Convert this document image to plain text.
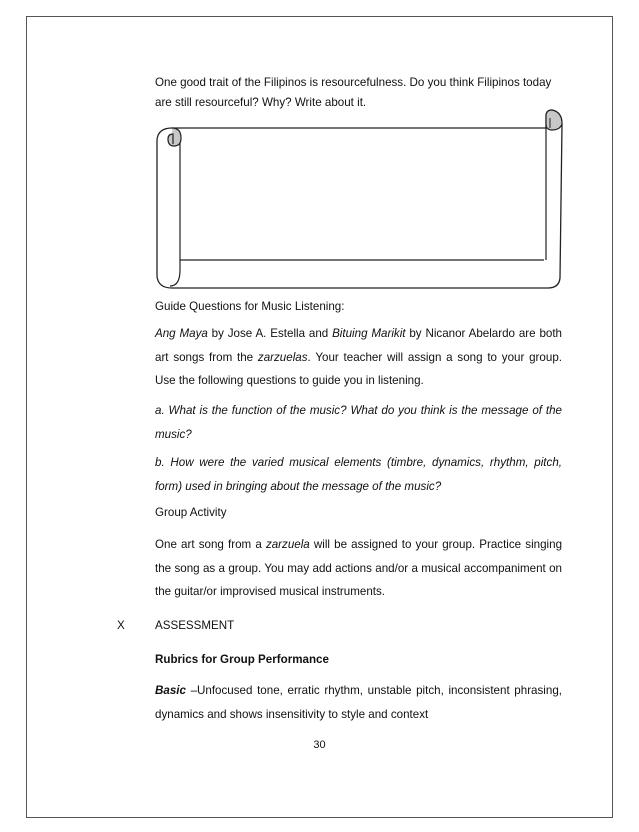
One good trait of the Filipinos is resourcefulness. Do you think Filipinos today
are still resourceful? Why? Write about it.
Guide Questions for Music Listening:
Ang Maya by Jose A. Estella and Bituing Marikit by Nicanor Abelardo are both art songs from the zarzuelas. Your teacher will assign a song to your group. Use the following questions to guide you in listening.
a. What is the function of the music? What do you think is the message of the music?
b. How were the varied musical elements (timbre, dynamics, rhythm, pitch, form) used in bringing about the message of the music?
Group Activity
One art song from a zarzuela will be assigned to your group. Practice singing the song as a group. You may add actions and/or a musical accompaniment on the guitar/or improvised musical instruments.
X	ASSESSMENT
Rubrics for Group Performance
Basic –Unfocused tone, erratic rhythm, unstable pitch, inconsistent phrasing, dynamics and shows insensitivity to style and context
30
